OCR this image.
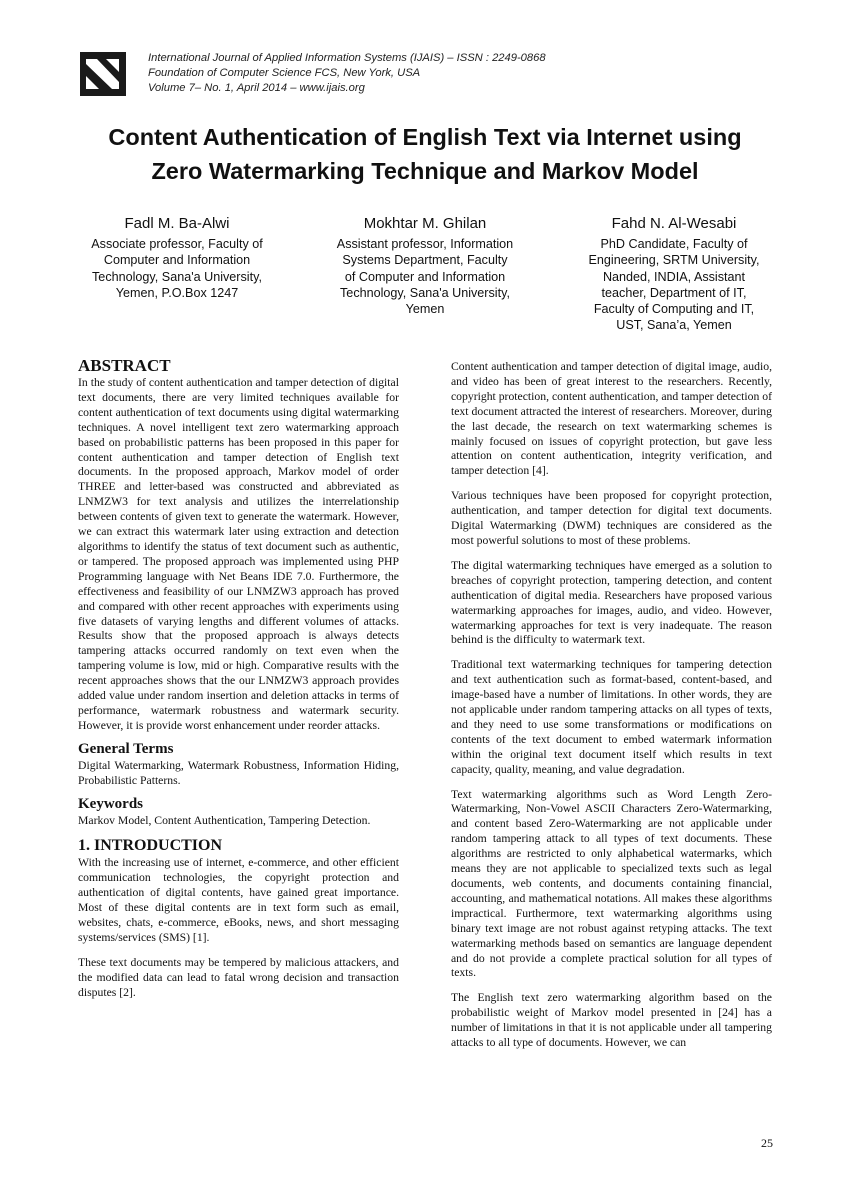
International Journal of Applied Information Systems (IJAIS) – ISSN : 2249-0868
Foundation of Computer Science FCS, New York, USA
Volume 7– No. 1, April 2014 – www.ijais.org
Content Authentication of English Text via Internet using
Zero Watermarking Technique and Markov Model
Fadl M. Ba-Alwi
Associate professor, Faculty of
Computer and Information
Technology, Sana'a University,
Yemen, P.O.Box 1247
Mokhtar M. Ghilan
Assistant professor, Information
Systems Department, Faculty
of Computer and Information
Technology, Sana'a University,
Yemen
Fahd N. Al-Wesabi
PhD Candidate, Faculty of
Engineering, SRTM University,
Nanded, INDIA, Assistant
teacher, Department of IT,
Faculty of Computing and IT,
UST, Sana’a, Yemen
ABSTRACT

In the study of content authentication and tamper detection of digital text documents, there are very limited techniques available for content authentication of text documents using digital watermarking techniques. A novel intelligent text zero watermarking approach based on probabilistic patterns has been proposed in this paper for content authentication and tamper detection of English text documents. In the proposed approach, Markov model of order THREE and letter-based was constructed and abbreviated as LNMZW3 for text analysis and utilizes the interrelationship between contents of given text to generate the watermark. However, we can extract this watermark later using extraction and detection algorithms to identify the status of text document such as authentic, or tampered. The proposed approach was implemented using PHP Programming language with Net Beans IDE 7.0. Furthermore, the effectiveness and feasibility of our LNMZW3 approach has proved and compared with other recent approaches with experiments using five datasets of varying lengths and different volumes of attacks. Results show that the proposed approach is always detects tampering attacks occurred randomly on text even when the tampering volume is low, mid or high. Comparative results with the recent approaches shows that the our LNMZW3 approach provides added value under random insertion and deletion attacks in terms of performance, watermark robustness and watermark security. However, it is provide worst enhancement under reorder attacks.

General Terms

Digital Watermarking, Watermark Robustness, Information Hiding, Probabilistic Patterns.

Keywords

Markov Model, Content Authentication, Tampering Detection.

1. INTRODUCTION

With the increasing use of internet, e-commerce, and other efficient communication technologies, the copyright protection and authentication of digital contents, have gained great importance. Most of these digital contents are in text form such as email, websites, chats, e-commerce, eBooks, news, and short messaging systems/services (SMS) [1].

These text documents may be tempered by malicious attackers, and the modified data can lead to fatal wrong decision and transaction disputes [2].

Content authentication and tamper detection of digital image, audio, and video has been of great interest to the researchers. Recently, copyright protection, content authentication, and tamper detection of text document attracted the interest of researchers. Moreover, during the last decade, the research on text watermarking schemes is mainly focused on issues of copyright protection, but gave less attention on content authentication, integrity verification, and tamper detection [4].

Various techniques have been proposed for copyright protection, authentication, and tamper detection for digital text documents. Digital Watermarking (DWM) techniques are considered as the most powerful solutions to most of these problems.

The digital watermarking techniques have emerged as a solution to breaches of copyright protection, tampering detection, and content authentication of digital media. Researchers have proposed various watermarking approaches for images, audio, and video. However, watermarking approaches for text is very inadequate. The reason behind is the difficulty to watermark text.

Traditional text watermarking techniques for tampering detection and text authentication such as format-based, content-based, and image-based have a number of limitations. In other words, they are not applicable under random tampering attacks on all types of texts, and they need to use some transformations or modifications on contents of the text document to embed watermark information within the original text document itself which results in text capacity, quality, meaning, and value degradation.

Text watermarking algorithms such as Word Length Zero-Watermarking, Non-Vowel ASCII Characters Zero-Watermarking, and content based Zero-Watermarking are not applicable under random tampering attack to all types of text documents. These algorithms are restricted to only alphabetical watermarks, which means they are not applicable to specialized texts such as legal documents, web contents, and documents containing financial, accounting, and mathematical notations. All makes these algorithms impractical. Furthermore, text watermarking algorithms using binary text image are not robust against retyping attacks. The text watermarking methods based on semantics are language dependent and do not provide a complete practical solution for all types of texts.

The English text zero watermarking algorithm based on the probabilistic weight of Markov model presented in [24] has a number of limitations in that it is not applicable under all tampering attacks to all type of documents. However, we can

25
